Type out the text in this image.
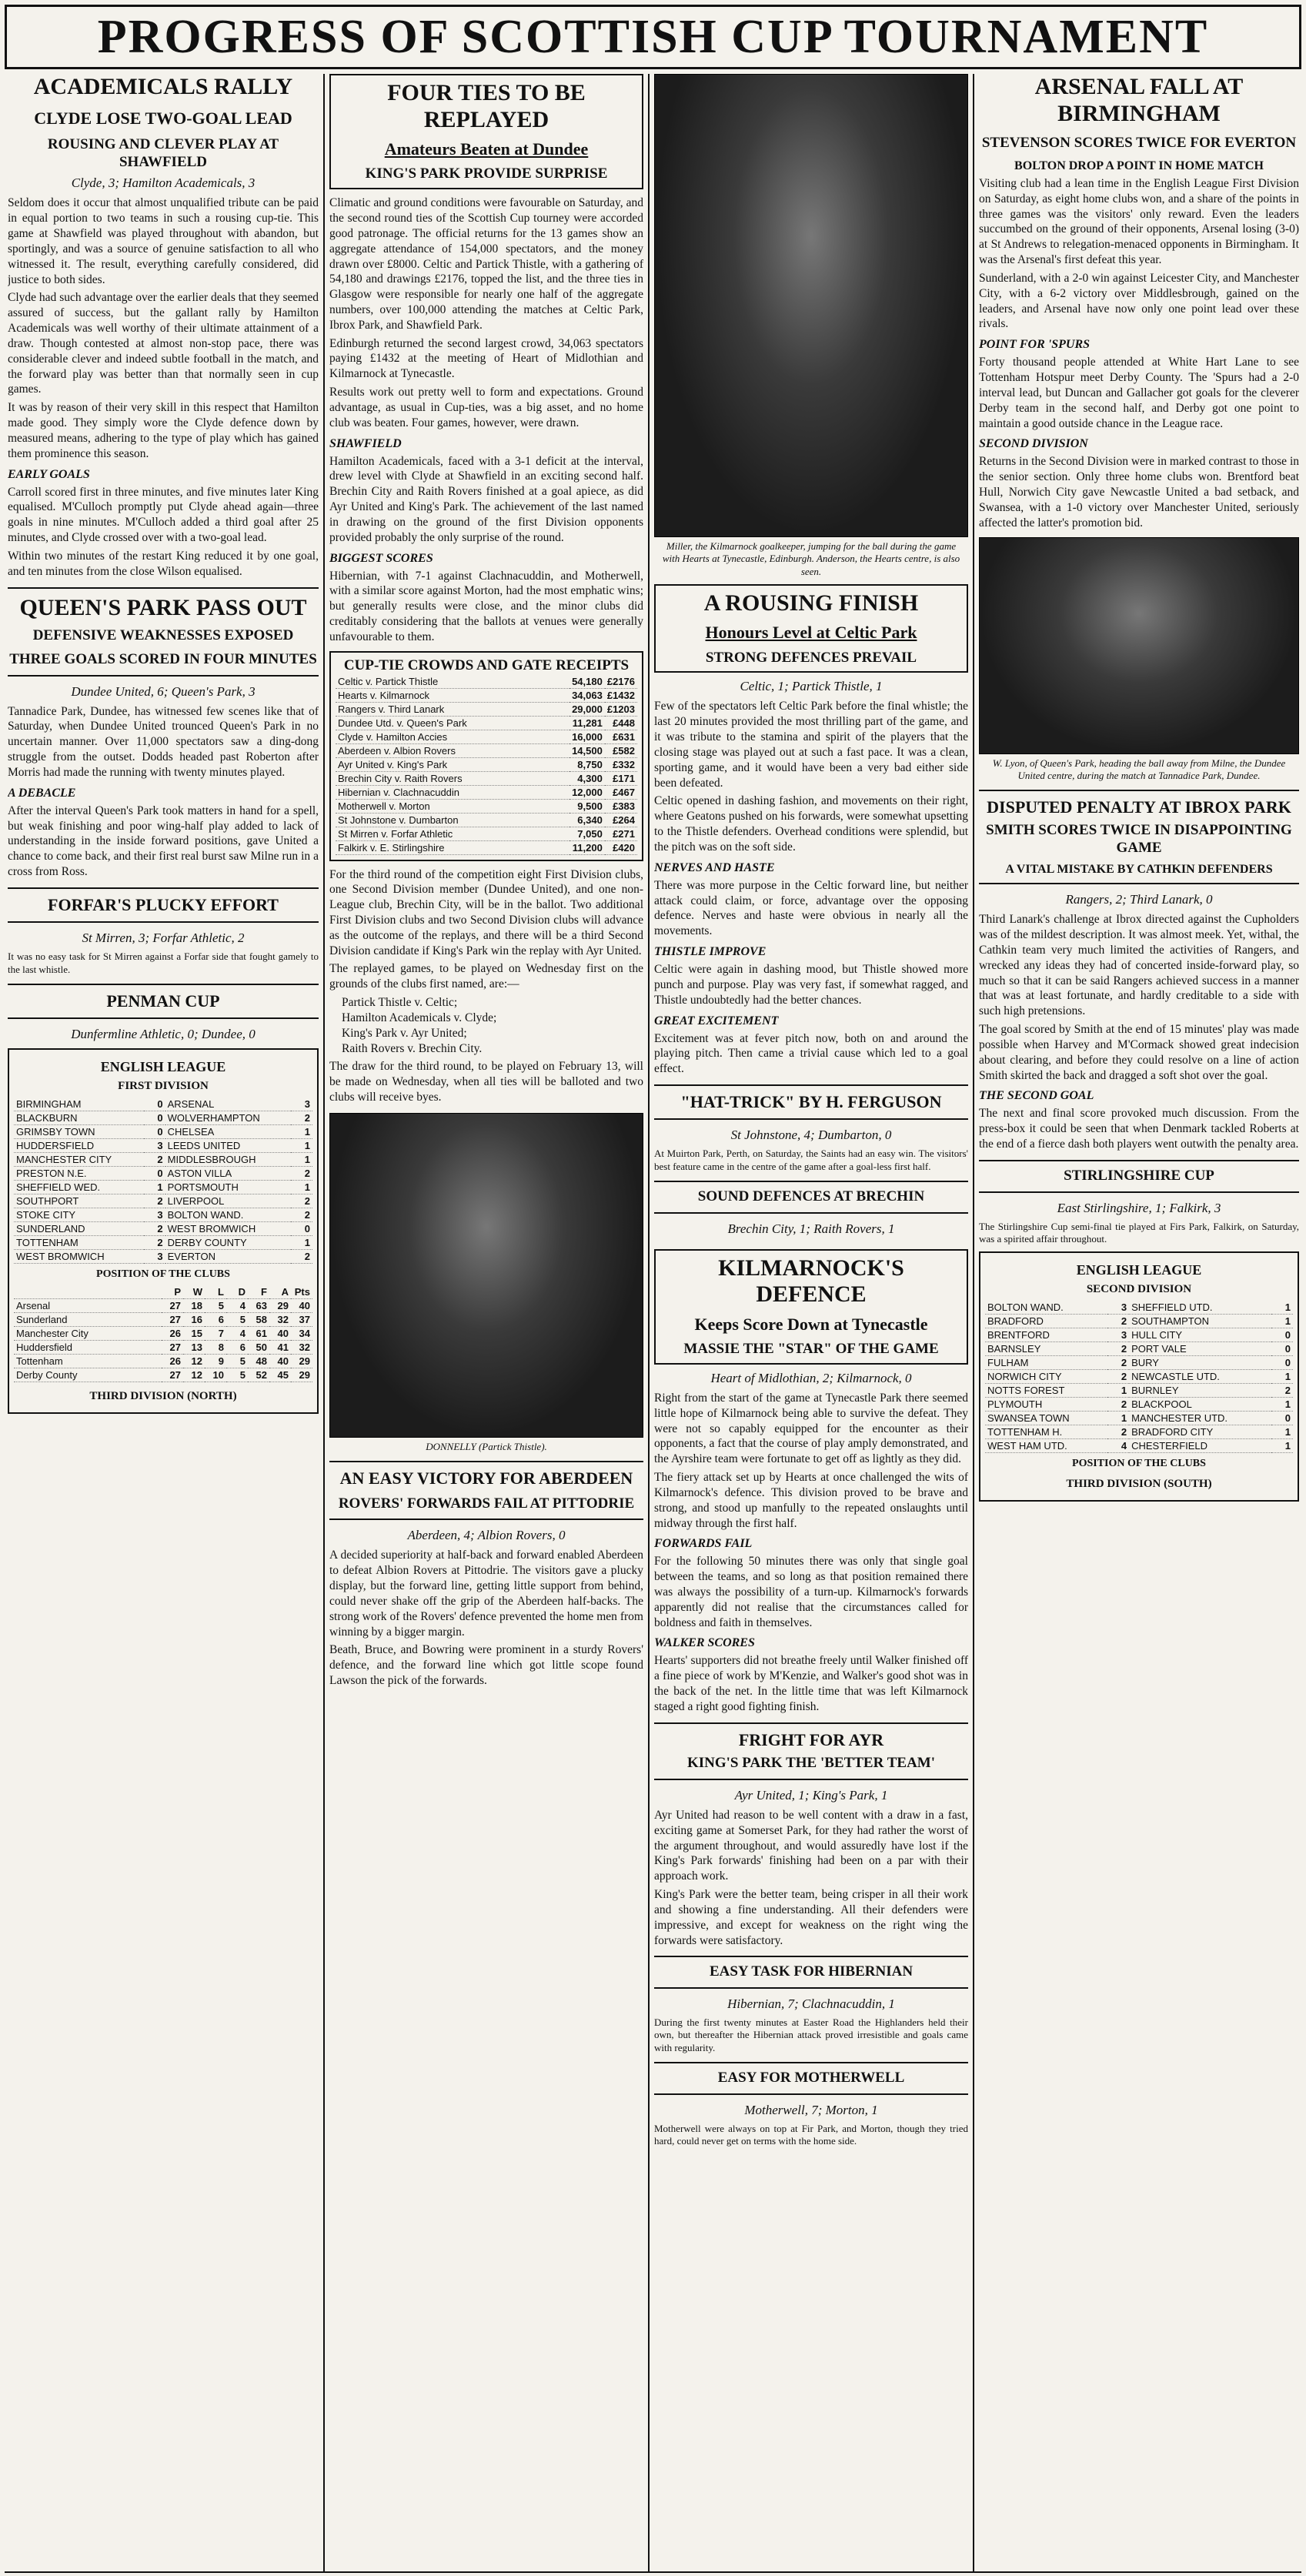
PROGRESS OF SCOTTISH CUP TOURNAMENT

ACADEMICALS RALLY

CLYDE LOSE TWO-GOAL LEAD

ROUSING AND CLEVER PLAY AT SHAWFIELD

Clyde, 3; Hamilton Academicals, 3

Seldom does it occur that almost unqualified tribute can be paid in equal portion to two teams in such a rousing cup-tie. This game at Shawfield was played throughout with abandon, but sportingly, and was a source of genuine satisfaction to all who witnessed it. The result, everything carefully considered, did justice to both sides.

Clyde had such advantage over the earlier deals that they seemed assured of success, but the gallant rally by Hamilton Academicals was well worthy of their ultimate attainment of a draw. Though contested at almost non-stop pace, there was considerable clever and indeed subtle football in the match, and the forward play was better than that normally seen in cup games.

It was by reason of their very skill in this respect that Hamilton made good. They simply wore the Clyde defence down by measured means, adhering to the type of play which has gained them prominence this season.

EARLY GOALS

Carroll scored first in three minutes, and five minutes later King equalised. M'Culloch promptly put Clyde ahead again—three goals in nine minutes. M'Culloch added a third goal after 25 minutes, and Clyde crossed over with a two-goal lead.

Within two minutes of the restart King reduced it by one goal, and ten minutes from the close Wilson equalised.

QUEEN'S PARK PASS OUT

DEFENSIVE WEAKNESSES EXPOSED

THREE GOALS SCORED IN FOUR MINUTES

Dundee United, 6; Queen's Park, 3

Tannadice Park, Dundee, has witnessed few scenes like that of Saturday, when Dundee United trounced Queen's Park in no uncertain manner. Over 11,000 spectators saw a ding-dong struggle from the outset. Dodds headed past Roberton after Morris had made the running with twenty minutes played.

A DEBACLE

After the interval Queen's Park took matters in hand for a spell, but weak finishing and poor wing-half play added to lack of understanding in the inside forward positions, gave United a chance to come back, and their first real burst saw Milne run in a cross from Ross.

FORFAR'S PLUCKY EFFORT

St Mirren, 3; Forfar Athletic, 2

It was no easy task for St Mirren against a Forfar side that fought gamely to the last whistle.

PENMAN CUP

Dunfermline Athletic, 0; Dundee, 0

ENGLISH LEAGUE

FIRST DIVISION

BIRMINGHAM	0	ARSENAL	3
BLACKBURN	0	WOLVERHAMPTON	2
GRIMSBY TOWN	0	CHELSEA	1
HUDDERSFIELD	3	LEEDS UNITED	1
MANCHESTER CITY	2	MIDDLESBROUGH	1
PRESTON N.E.	0	ASTON VILLA	2
SHEFFIELD WED.	1	PORTSMOUTH	1
SOUTHPORT	2	LIVERPOOL	2
STOKE CITY	3	BOLTON WAND.	2
SUNDERLAND	2	WEST BROMWICH	0
TOTTENHAM	2	DERBY COUNTY	1
WEST BROMWICH	3	EVERTON	2

POSITION OF THE CLUBS

	P	W	L	D	F	A	Pts
Arsenal	27	18	5	4	63	29	40
Sunderland	27	16	6	5	58	32	37
Manchester City	26	15	7	4	61	40	34
Huddersfield	27	13	8	6	50	41	32
Tottenham	26	12	9	5	48	40	29
Derby County	27	12	10	5	52	45	29

THIRD DIVISION (NORTH)

FOUR TIES TO BE REPLAYED

Amateurs Beaten at Dundee

KING'S PARK PROVIDE SURPRISE

Climatic and ground conditions were favourable on Saturday, and the second round ties of the Scottish Cup tourney were accorded good patronage. The official returns for the 13 games show an aggregate attendance of 154,000 spectators, and the money drawn over £8000. Celtic and Partick Thistle, with a gathering of 54,180 and drawings £2176, topped the list, and the three ties in Glasgow were responsible for nearly one half of the aggregate numbers, over 100,000 attending the matches at Celtic Park, Ibrox Park, and Shawfield Park.

Edinburgh returned the second largest crowd, 34,063 spectators paying £1432 at the meeting of Heart of Midlothian and Kilmarnock at Tynecastle.

Results work out pretty well to form and expectations. Ground advantage, as usual in Cup-ties, was a big asset, and no home club was beaten. Four games, however, were drawn.

SHAWFIELD

Hamilton Academicals, faced with a 3-1 deficit at the interval, drew level with Clyde at Shawfield in an exciting second half. Brechin City and Raith Rovers finished at a goal apiece, as did Ayr United and King's Park. The achievement of the last named in drawing on the ground of the first Division opponents provided probably the only surprise of the round.

BIGGEST SCORES

Hibernian, with 7-1 against Clachnacuddin, and Motherwell, with a similar score against Morton, had the most emphatic wins; but generally results were close, and the minor clubs did creditably considering that the ballots at venues were generally unfavourable to them.

CUP-TIE CROWDS AND GATE RECEIPTS

Celtic v. Partick Thistle	54,180	£2176
Hearts v. Kilmarnock	34,063	£1432
Rangers v. Third Lanark	29,000	£1203
Dundee Utd. v. Queen's Park	11,281	£448
Clyde v. Hamilton Accies	16,000	£631
Aberdeen v. Albion Rovers	14,500	£582
Ayr United v. King's Park	8,750	£332
Brechin City v. Raith Rovers	4,300	£171
Hibernian v. Clachnacuddin	12,000	£467
Motherwell v. Morton	9,500	£383
St Johnstone v. Dumbarton	6,340	£264
St Mirren v. Forfar Athletic	7,050	£271
Falkirk v. E. Stirlingshire	11,200	£420

For the third round of the competition eight First Division clubs, one Second Division member (Dundee United), and one non-League club, Brechin City, will be in the ballot. Two additional First Division clubs and two Second Division clubs will advance as the outcome of the replays, and there will be a third Second Division candidate if King's Park win the replay with Ayr United.

The replayed games, to be played on Wednesday first on the grounds of the clubs first named, are:—

Partick Thistle v. Celtic;

Hamilton Academicals v. Clyde;

King's Park v. Ayr United;

Raith Rovers v. Brechin City.

The draw for the third round, to be played on February 13, will be made on Wednesday, when all ties will be balloted and two clubs will receive byes.

DONNELLY (Partick Thistle).

AN EASY VICTORY FOR ABERDEEN

ROVERS' FORWARDS FAIL AT PITTODRIE

Aberdeen, 4; Albion Rovers, 0

A decided superiority at half-back and forward enabled Aberdeen to defeat Albion Rovers at Pittodrie. The visitors gave a plucky display, but the forward line, getting little support from behind, could never shake off the grip of the Aberdeen half-backs. The strong work of the Rovers' defence prevented the home men from winning by a bigger margin.

Beath, Bruce, and Bowring were prominent in a sturdy Rovers' defence, and the forward line which got little scope found Lawson the pick of the forwards.

Miller, the Kilmarnock goalkeeper, jumping for the ball during the game with Hearts at Tynecastle, Edinburgh. Anderson, the Hearts centre, is also seen.

A ROUSING FINISH

Honours Level at Celtic Park

STRONG DEFENCES PREVAIL

Celtic, 1; Partick Thistle, 1

Few of the spectators left Celtic Park before the final whistle; the last 20 minutes provided the most thrilling part of the game, and it was tribute to the stamina and spirit of the players that the closing stage was played out at such a fast pace. It was a clean, sporting game, and it would have been a very bad either side been defeated.

Celtic opened in dashing fashion, and movements on their right, where Geatons pushed on his forwards, were somewhat upsetting to the Thistle defenders. Overhead conditions were splendid, but the pitch was on the soft side.

NERVES AND HASTE

There was more purpose in the Celtic forward line, but neither attack could claim, or force, advantage over the opposing defence. Nerves and haste were obvious in nearly all the movements.

THISTLE IMPROVE

Celtic were again in dashing mood, but Thistle showed more punch and purpose. Play was very fast, if somewhat ragged, and Thistle undoubtedly had the better chances.

GREAT EXCITEMENT

Excitement was at fever pitch now, both on and around the playing pitch. Then came a trivial cause which led to a goal effect.

"HAT-TRICK" BY H. FERGUSON

St Johnstone, 4; Dumbarton, 0

At Muirton Park, Perth, on Saturday, the Saints had an easy win. The visitors' best feature came in the centre of the game after a goal-less first half.

SOUND DEFENCES AT BRECHIN

Brechin City, 1; Raith Rovers, 1

KILMARNOCK'S DEFENCE

Keeps Score Down at Tynecastle

MASSIE THE "STAR" OF THE GAME

Heart of Midlothian, 2; Kilmarnock, 0

Right from the start of the game at Tynecastle Park there seemed little hope of Kilmarnock being able to survive the defeat. They were not so capably equipped for the encounter as their opponents, a fact that the course of play amply demonstrated, and the Ayrshire team were fortunate to get off as lightly as they did.

The fiery attack set up by Hearts at once challenged the wits of Kilmarnock's defence. This division proved to be brave and strong, and stood up manfully to the repeated onslaughts until midway through the first half.

FORWARDS FAIL

For the following 50 minutes there was only that single goal between the teams, and so long as that position remained there was always the possibility of a turn-up. Kilmarnock's forwards apparently did not realise that the circumstances called for boldness and faith in themselves.

WALKER SCORES

Hearts' supporters did not breathe freely until Walker finished off a fine piece of work by M'Kenzie, and Walker's good shot was in the back of the net. In the little time that was left Kilmarnock staged a right good fighting finish.

FRIGHT FOR AYR

KING'S PARK THE 'BETTER TEAM'

Ayr United, 1; King's Park, 1

Ayr United had reason to be well content with a draw in a fast, exciting game at Somerset Park, for they had rather the worst of the argument throughout, and would assuredly have lost if the King's Park forwards' finishing had been on a par with their approach work.

King's Park were the better team, being crisper in all their work and showing a fine understanding. All their defenders were impressive, and except for weakness on the right wing the forwards were satisfactory.

EASY TASK FOR HIBERNIAN

Hibernian, 7; Clachnacuddin, 1

During the first twenty minutes at Easter Road the Highlanders held their own, but thereafter the Hibernian attack proved irresistible and goals came with regularity.

EASY FOR MOTHERWELL

Motherwell, 7; Morton, 1

Motherwell were always on top at Fir Park, and Morton, though they tried hard, could never get on terms with the home side.

ARSENAL FALL AT BIRMINGHAM

STEVENSON SCORES TWICE FOR EVERTON

BOLTON DROP A POINT IN HOME MATCH

Visiting club had a lean time in the English League First Division on Saturday, as eight home clubs won, and a share of the points in three games was the visitors' only reward. Even the leaders succumbed on the ground of their opponents, Arsenal losing (3-0) at St Andrews to relegation-menaced opponents in Birmingham. It was the Arsenal's first defeat this year.

Sunderland, with a 2-0 win against Leicester City, and Manchester City, with a 6-2 victory over Middlesbrough, gained on the leaders, and Arsenal have now only one point lead over these rivals.

POINT FOR 'SPURS

Forty thousand people attended at White Hart Lane to see Tottenham Hotspur meet Derby County. The 'Spurs had a 2-0 interval lead, but Duncan and Gallacher got goals for the cleverer Derby team in the second half, and Derby got one point to maintain a good outside chance in the League race.

SECOND DIVISION

Returns in the Second Division were in marked contrast to those in the senior section. Only three home clubs won. Brentford beat Hull, Norwich City gave Newcastle United a bad setback, and Swansea, with a 1-0 victory over Manchester United, seriously affected the latter's promotion bid.

W. Lyon, of Queen's Park, heading the ball away from Milne, the Dundee United centre, during the match at Tannadice Park, Dundee.

DISPUTED PENALTY AT IBROX PARK

SMITH SCORES TWICE IN DISAPPOINTING GAME

A VITAL MISTAKE BY CATHKIN DEFENDERS

Rangers, 2; Third Lanark, 0

Third Lanark's challenge at Ibrox directed against the Cupholders was of the mildest description. It was almost meek. Yet, withal, the Cathkin team very much limited the activities of Rangers, and wrecked any ideas they had of concerted inside-forward play, so much so that it can be said Rangers achieved success in a manner that was at least fortunate, and hardly creditable to a side with such high pretensions.

The goal scored by Smith at the end of 15 minutes' play was made possible when Harvey and M'Cormack showed great indecision about clearing, and before they could resolve on a line of action Smith skirted the back and dragged a soft shot over the goal.

THE SECOND GOAL

The next and final score provoked much discussion. From the press-box it could be seen that when Denmark tackled Roberts at the end of a fierce dash both players went outwith the penalty area.

STIRLINGSHIRE CUP

East Stirlingshire, 1; Falkirk, 3

The Stirlingshire Cup semi-final tie played at Firs Park, Falkirk, on Saturday, was a spirited affair throughout.

ENGLISH LEAGUE

SECOND DIVISION

BOLTON WAND.	3	SHEFFIELD UTD.	1
BRADFORD	2	SOUTHAMPTON	1
BRENTFORD	3	HULL CITY	0
BARNSLEY	2	PORT VALE	0
FULHAM	2	BURY	0
NORWICH CITY	2	NEWCASTLE UTD.	1
NOTTS FOREST	1	BURNLEY	2
PLYMOUTH	2	BLACKPOOL	1
SWANSEA TOWN	1	MANCHESTER UTD.	0
TOTTENHAM H.	2	BRADFORD CITY	1
WEST HAM UTD.	4	CHESTERFIELD	1

POSITION OF THE CLUBS

THIRD DIVISION (SOUTH)
